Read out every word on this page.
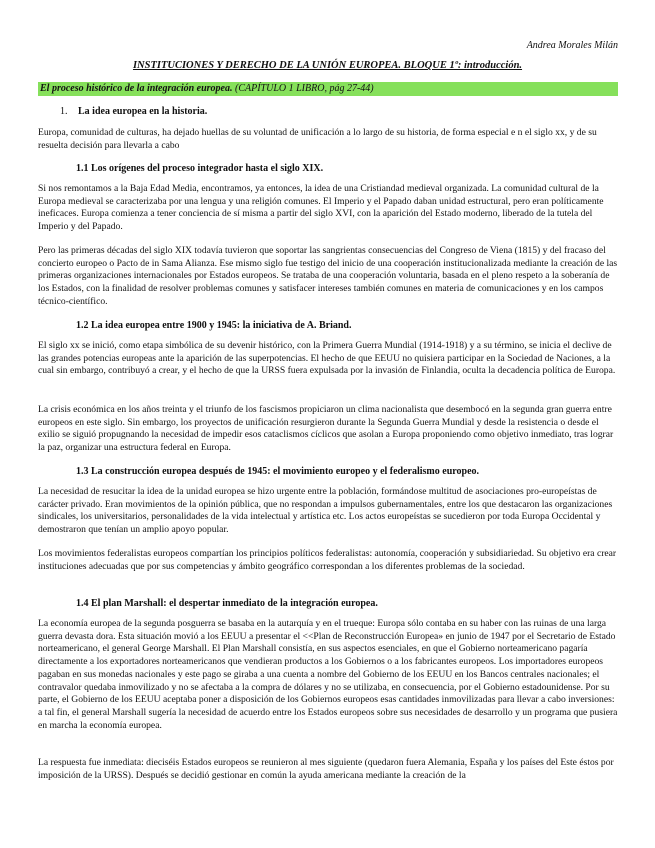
Andrea Morales Milán
INSTITUCIONES Y DERECHO DE LA UNIÓN EUROPEA. BLOQUE 1º: introducción.
El proceso histórico de la integración europea. (CAPÍTULO 1 LIBRO, pág 27-44)
1. La idea europea en la historia.
Europa, comunidad de culturas, ha dejado huellas de su voluntad de unificación a lo largo de su historia, de forma especial e n el siglo xx, y de su resuelta decisión para llevarla a cabo
1.1 Los orígenes del proceso integrador hasta el siglo XIX.
Si nos remontamos a la Baja Edad Media, encontramos, ya entonces, la idea de una Cristiandad medieval organizada. La comunidad cultural de la Europa medieval se caracterizaba por una lengua y una religión comunes. El Imperio y el Papado daban unidad estructural, pero eran políticamente ineficaces. Europa comienza a tener conciencia de sí misma a partir del siglo XVI, con la aparición del Estado moderno, liberado de la tutela del Imperio y del Papado.
Pero las primeras décadas del siglo XIX todavía tuvieron que soportar las sangrientas consecuencias del Congreso de Viena (1815) y del fracaso del concierto europeo o Pacto de in Sama Alianza. Ese mismo siglo fue testigo del inicio de una cooperación institucionalizada mediante la creación de las primeras organizaciones internacionales por Estados europeos. Se trataba de una cooperación voluntaria, basada en el pleno respeto a la soberanía de los Estados, con la finalidad de resolver problemas comunes y satisfacer intereses también comunes en materia de comunicaciones y en los campos técnico-científico.
1.2 La idea europea entre 1900 y 1945: la iniciativa de A. Briand.
El siglo xx se inició, como etapa simbólica de su devenir histórico, con la Primera Guerra Mundial (1914-1918) y a su término, se inicia el declive de las grandes potencias europeas ante la aparición de las superpotencias. El hecho de que EEUU no quisiera participar en la Sociedad de Naciones, a la cual sin embargo, contribuyó a crear, y el hecho de que la URSS fuera expulsada por la invasión de Finlandia, oculta la decadencia política de Europa.
La crisis económica en los años treinta y el triunfo de los fascismos propiciaron un clima nacionalista que desembocó en la segunda gran guerra entre europeos en este siglo. Sin embargo, los proyectos de unificación resurgieron durante la Segunda Guerra Mundial y desde la resistencia o desde el exilio se siguió propugnando la necesidad de impedir esos cataclismos cíclicos que asolan a Europa proponiendo como objetivo inmediato, tras lograr la paz, organizar una estructura federal en Europa.
1.3 La construcción europea después de 1945: el movimiento europeo y el federalismo europeo.
La necesidad de resucitar la idea de la unidad europea se hizo urgente entre la población, formándose multitud de asociaciones pro-europeístas de carácter privado. Eran movimientos de la opinión pública, que no respondan a impulsos gubernamentales, entre los que destacaron las organizaciones sindicales, los universitarios, personalidades de la vida intelectual y artística etc. Los actos europeístas se sucedieron por toda Europa Occidental y demostraron que tenían un amplio apoyo popular.
Los movimientos federalistas europeos compartían los principios políticos federalistas: autonomía, cooperación y subsidiariedad. Su objetivo era crear instituciones adecuadas que por sus competencias y ámbito geográfico correspondan a los diferentes problemas de la sociedad.
1.4 El plan Marshall: el despertar inmediato de la integración europea.
La economía europea de la segunda posguerra se basaba en la autarquía y en el trueque: Europa sólo contaba en su haber con las ruinas de una larga guerra devasta dora. Esta situación movió a los EEUU a presentar el <<Plan de Reconstrucción Europea» en junio de 1947 por el Secretario de Estado norteamericano, el general George Marshall. El Plan Marshall consistía, en sus aspectos esenciales, en que el Gobierno norteamericano pagaría directamente a los exportadores norteamericanos que vendieran productos a los Gobiernos o a los fabricantes europeos. Los importadores europeos pagaban en sus monedas nacionales y este pago se giraba a una cuenta a nombre del Gobierno de los EEUU en los Bancos centrales nacionales; el contravalor quedaba inmovilizado y no se afectaba a la compra de dólares y no se utilizaba, en consecuencia, por el Gobierno estadounidense. Por su parte, el Gobierno de los EEUU aceptaba poner a disposición de los Gobiernos europeos esas cantidades inmovilizadas para llevar a cabo inversiones: a tal fin, el general Marshall sugería la necesidad de acuerdo entre los Estados europeos sobre sus necesidades de desarrollo y un programa que pusiera en marcha la economía europea.
La respuesta fue inmediata: dieciséis Estados europeos se reunieron al mes siguiente (quedaron fuera Alemania, España y los países del Este éstos por imposición de la URSS). Después se decidió gestionar en común la ayuda americana mediante la creación de la
